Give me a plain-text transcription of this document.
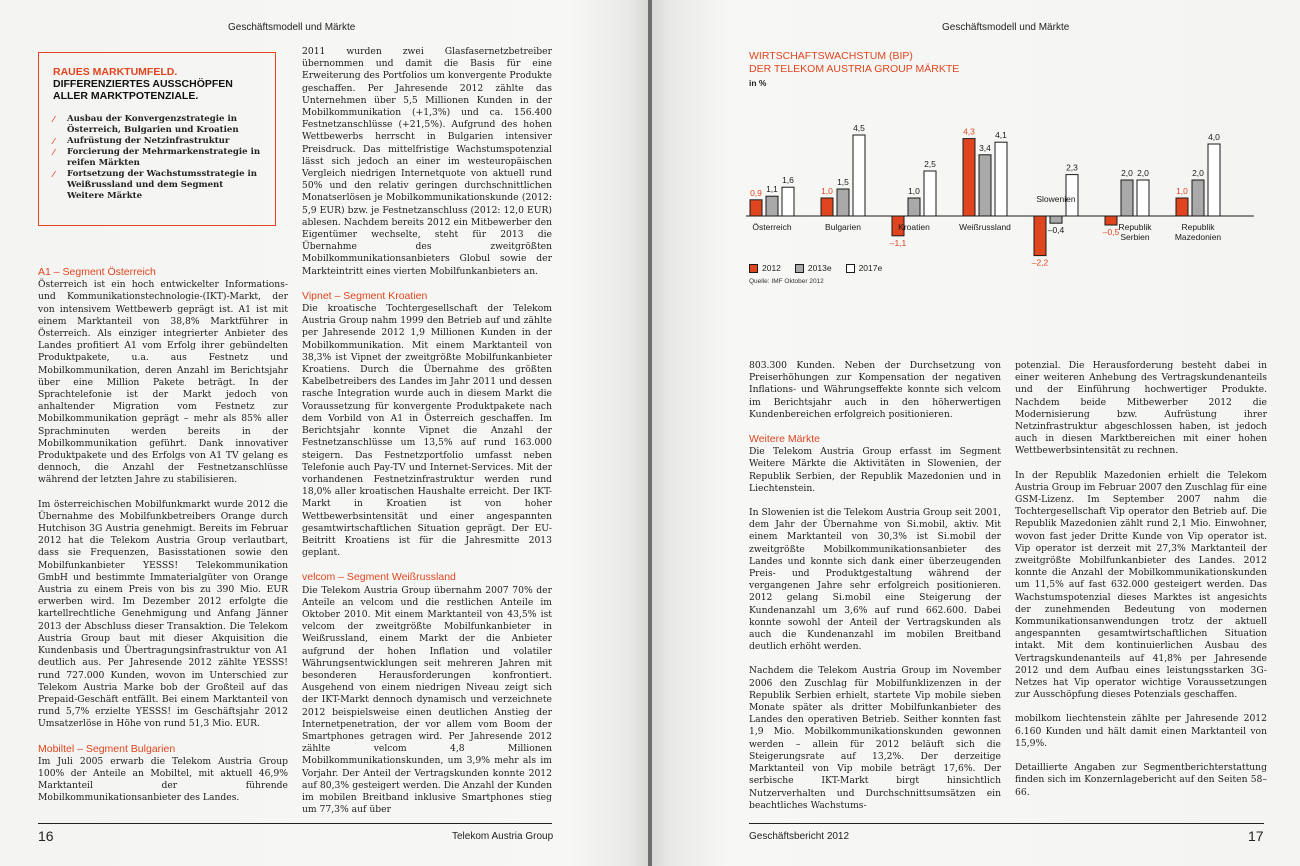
Geschäftsmodell und Märkte
RAUES MARKTUMFELD.
DIFFERENZIERTES AUSSCHÖPFEN ALLER MARKTPOTENZIALE.
⁄ Ausbau der Konvergenzstrategie in Österreich, Bulgarien und Kroatien
⁄ Aufrüstung der Netzinfrastruktur
⁄ Forcierung der Mehrmarkenstrategie in reifen Märkten
⁄ Fortsetzung der Wachstumsstrategie in Weißrussland und dem Segment Weitere Märkte
A1 – Segment Österreich

Österreich ist ein hoch entwickelter Informations- und Kommunikationstechnologie-(IKT)-Markt, der von intensivem Wettbewerb geprägt ist. A1 ist mit einem Marktanteil von 38,8% Marktführer in Österreich. Als einziger integrierter Anbieter des Landes profitiert A1 vom Erfolg ihrer gebündelten Produktpakete, u.a. aus Festnetz und Mobilkommunikation, deren Anzahl im Berichtsjahr über eine Million Pakete beträgt. In der Sprachtelefonie ist der Markt jedoch von anhaltender Migration vom Festnetz zur Mobilkommunikation geprägt – mehr als 85% aller Sprachminuten werden bereits in der Mobilkommunikation geführt. Dank innovativer Produktpakete und des Erfolgs von A1 TV gelang es dennoch, die Anzahl der Festnetzanschlüsse während der letzten Jahre zu stabilisieren.

Im österreichischen Mobilfunkmarkt wurde 2012 die Übernahme des Mobilfunkbetreibers Orange durch Hutchison 3G Austria genehmigt. Bereits im Februar 2012 hat die Telekom Austria Group verlautbart, dass sie Frequenzen, Basisstationen sowie den Mobilfunkanbieter YESSS! Telekommunikation GmbH und bestimmte Immaterialgüter von Orange Austria zu einem Preis von bis zu 390 Mio. EUR erwerben wird. Im Dezember 2012 erfolgte die kartellrechtliche Genehmigung und Anfang Jänner 2013 der Abschluss dieser Transaktion. Die Telekom Austria Group baut mit dieser Akquisition die Kundenbasis und Übertragungsinfrastruktur von A1 deutlich aus. Per Jahresende 2012 zählte YESSS! rund 727.000 Kunden, wovon im Unterschied zur Telekom Austria Marke bob der Großteil auf das Prepaid-Geschäft entfällt. Bei einem Marktanteil von rund 5,7% erzielte YESSS! im Geschäftsjahr 2012 Umsatzerlöse in Höhe von rund 51,3 Mio. EUR.

Mobiltel – Segment Bulgarien

Im Juli 2005 erwarb die Telekom Austria Group 100% der Anteile an Mobiltel, mit aktuell 46,9% Marktanteil der führende Mobilkommunikationsanbieter des Landes.

2011 wurden zwei Glasfasernetzbetreiber übernommen und damit die Basis für eine Erweiterung des Portfolios um konvergente Produkte geschaffen. Per Jahresende 2012 zählte das Unternehmen über 5,5 Millionen Kunden in der Mobilkommunikation (+1,3%) und ca. 156.400 Festnetzanschlüsse (+21,5%). Aufgrund des hohen Wettbewerbs herrscht in Bulgarien intensiver Preisdruck. Das mittelfristige Wachstumspotenzial lässt sich jedoch an einer im westeuropäischen Vergleich niedrigen Internetquote von aktuell rund 50% und den relativ geringen durchschnittlichen Monatserlösen je Mobilkommunikationskunde (2012: 5,9 EUR) bzw. je Festnetzanschluss (2012: 12,0 EUR) ablesen. Nachdem bereits 2012 ein Mitbewerber den Eigentümer wechselte, steht für 2013 die Übernahme des zweitgrößten Mobilkommunikationsanbieters Globul sowie der Markteintritt eines vierten Mobilfunkanbieters an.

Vipnet – Segment Kroatien

Die kroatische Tochtergesellschaft der Telekom Austria Group nahm 1999 den Betrieb auf und zählte per Jahresende 2012 1,9 Millionen Kunden in der Mobilkommunikation. Mit einem Marktanteil von 38,3% ist Vipnet der zweitgrößte Mobilfunkanbieter Kroatiens. Durch die Übernahme des größten Kabelbetreibers des Landes im Jahr 2011 und dessen rasche Integration wurde auch in diesem Markt die Voraussetzung für konvergente Produktpakete nach dem Vorbild von A1 in Österreich geschaffen. Im Berichtsjahr konnte Vipnet die Anzahl der Festnetzanschlüsse um 13,5% auf rund 163.000 steigern. Das Festnetzportfolio umfasst neben Telefonie auch Pay-TV und Internet-Services. Mit der vorhandenen Festnetzinfrastruktur werden rund 18,0% aller kroatischen Haushalte erreicht. Der IKT-Markt in Kroatien ist von hoher Wettbewerbsintensität und einer angespannten gesamtwirtschaftlichen Situation geprägt. Der EU-Beitritt Kroatiens ist für die Jahresmitte 2013 geplant.

velcom – Segment Weißrussland

Die Telekom Austria Group übernahm 2007 70% der Anteile an velcom und die restlichen Anteile im Oktober 2010. Mit einem Marktanteil von 43,5% ist velcom der zweitgrößte Mobilfunkanbieter in Weißrussland, einem Markt der die Anbieter aufgrund der hohen Inflation und volatiler Währungsentwicklungen seit mehreren Jahren mit besonderen Herausforderungen konfrontiert. Ausgehend von einem niedrigen Niveau zeigt sich der IKT-Markt dennoch dynamisch und verzeichnete 2012 beispielsweise einen deutlichen Anstieg der Internetpenetration, der vor allem vom Boom der Smartphones getragen wird. Per Jahresende 2012 zählte velcom 4,8 Millionen Mobilkommunikationskunden, um 3,9% mehr als im Vorjahr. Der Anteil der Vertragskunden konnte 2012 auf 80,3% gesteigert werden. Die Anzahl der Kunden im mobilen Breitband inklusive Smartphones stieg um 77,3% auf über

16	Telekom Austria Group
Geschäftsmodell und Märkte
WIRTSCHAFTSWACHSTUM (BIP)
DER TELEKOM AUSTRIA GROUP MÄRKTE
in %
0,9 1,1
1,6
Österreich
1,0
1,5
4,5
Bulgarien
–1,1
1,0
2,5
Kroatien
4,3
3,4
4,1
Weißrussland
–2,2
–0,4
2,3
Slowenien
–0,5
2,0 2,0
Republik
Serbien
1,0
2,0
4,0
Republik
Mazedonien
2012	2013e	2017e
Quelle: IMF Oktober 2012

803.300 Kunden. Neben der Durchsetzung von Preiserhöhungen zur Kompensation der negativen Inflations- und Währungseffekte konnte sich velcom im Berichtsjahr auch in den höherwertigen Kundenbereichen erfolgreich positionieren.

Weitere Märkte

Die Telekom Austria Group erfasst im Segment Weitere Märkte die Aktivitäten in Slowenien, der Republik Serbien, der Republik Mazedonien und in Liechtenstein.

In Slowenien ist die Telekom Austria Group seit 2001, dem Jahr der Übernahme von Si.mobil, aktiv. Mit einem Marktanteil von 30,3% ist Si.mobil der zweitgrößte Mobilkommunikationsanbieter des Landes und konnte sich dank einer überzeugenden Preis- und Produktgestaltung während der vergangenen Jahre sehr erfolgreich positionieren. 2012 gelang Si.mobil eine Steigerung der Kundenanzahl um 3,6% auf rund 662.600. Dabei konnte sowohl der Anteil der Vertragskunden als auch die Kundenanzahl im mobilen Breitband deutlich erhöht werden.

Nachdem die Telekom Austria Group im November 2006 den Zuschlag für Mobilfunklizenzen in der Republik Serbien erhielt, startete Vip mobile sieben Monate später als dritter Mobilfunkanbieter des Landes den operativen Betrieb. Seither konnten fast 1,9 Mio. Mobilkommunikationskunden gewonnen werden – allein für 2012 beläuft sich die Steigerungsrate auf 13,2%. Der derzeitige Marktanteil von Vip mobile beträgt 17,6%. Der serbische IKT-Markt birgt hinsichtlich Nutzerverhalten und Durchschnittsumsätzen ein beachtliches Wachstums-

potenzial. Die Herausforderung besteht dabei in einer weiteren Anhebung des Vertragskundenanteils und der Einführung hochwertiger Produkte. Nachdem beide Mitbewerber 2012 die Modernisierung bzw. Aufrüstung ihrer Netzinfrastruktur abgeschlossen haben, ist jedoch auch in diesen Marktbereichen mit einer hohen Wettbewerbsintensität zu rechnen.

In der Republik Mazedonien erhielt die Telekom Austria Group im Februar 2007 den Zuschlag für eine GSM-Lizenz. Im September 2007 nahm die Tochtergesellschaft Vip operator den Betrieb auf. Die Republik Mazedonien zählt rund 2,1 Mio. Einwohner, wovon fast jeder Dritte Kunde von Vip operator ist. Vip operator ist derzeit mit 27,3% Marktanteil der zweitgrößte Mobilfunkanbieter des Landes. 2012 konnte die Anzahl der Mobilkommunikationskunden um 11,5% auf fast 632.000 gesteigert werden. Das Wachstumspotenzial dieses Marktes ist angesichts der zunehmenden Bedeutung von modernen Kommunikationsanwendungen trotz der aktuell angespannten gesamtwirtschaftlichen Situation intakt. Mit dem kontinuierlichen Ausbau des Vertragskundenanteils auf 41,8% per Jahresende 2012 und dem Aufbau eines leistungsstarken 3G-Netzes hat Vip operator wichtige Voraussetzungen zur Ausschöpfung dieses Potenzials geschaffen.

mobilkom liechtenstein zählte per Jahresende 2012 6.160 Kunden und hält damit einen Marktanteil von 15,9%.

Detaillierte Angaben zur Segmentberichterstattung finden sich im Konzernlagebericht auf den Seiten 58–66.

Geschäftsbericht 2012	17
